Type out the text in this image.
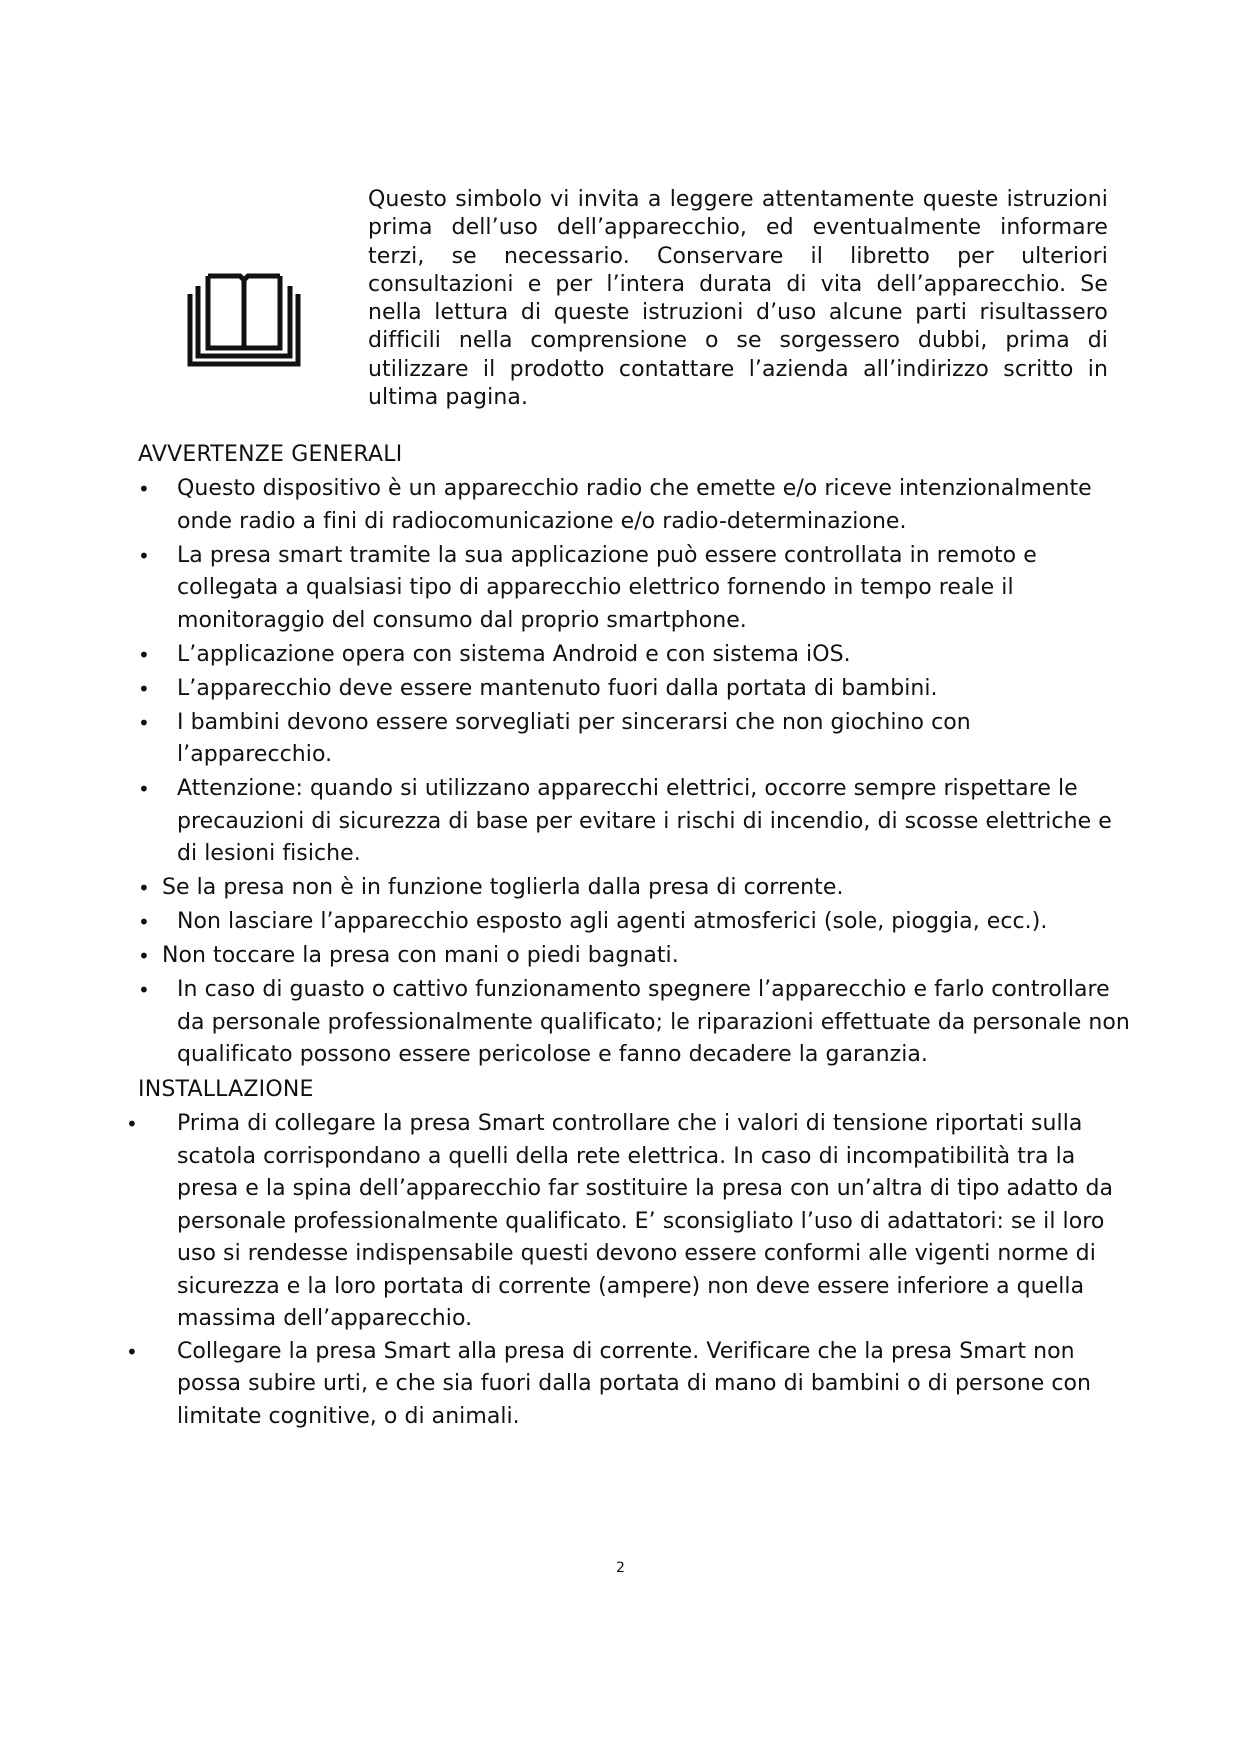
Questo simbolo vi invita a leggere attentamente queste istruzioni prima dell’uso dell’apparecchio, ed eventualmente informare terzi, se necessario. Conservare il libretto per ulteriori consultazioni e per l’intera durata di vita dell’apparecchio. Se nella lettura di queste istruzioni d’uso alcune parti risultassero difficili nella comprensione o se sorgessero dubbi, prima di utilizzare il prodotto contattare l’azienda all’indirizzo scritto in ultima pagina.
AVVERTENZE GENERALI
• Questo dispositivo è un apparecchio radio che emette e/o riceve intenzionalmente onde radio a fini di radiocomunicazione e/o radio-determinazione.
• La presa smart tramite la sua applicazione può essere controllata in remoto e collegata a qualsiasi tipo di apparecchio elettrico fornendo in tempo reale il monitoraggio del consumo dal proprio smartphone.
• L’applicazione opera con sistema Android e con sistema iOS.
• L’apparecchio deve essere mantenuto fuori dalla portata di bambini.
• I bambini devono essere sorvegliati per sincerarsi che non giochino con l’apparecchio.
• Attenzione: quando si utilizzano apparecchi elettrici, occorre sempre rispettare le precauzioni di sicurezza di base per evitare i rischi di incendio, di scosse elettriche e di lesioni fisiche.
• Se la presa non è in funzione toglierla dalla presa di corrente.
• Non lasciare l’apparecchio esposto agli agenti atmosferici (sole, pioggia, ecc.).
• Non toccare la presa con mani o piedi bagnati.
• In caso di guasto o cattivo funzionamento spegnere l’apparecchio e farlo controllare da personale professionalmente qualificato; le riparazioni effettuate da personale non qualificato possono essere pericolose e fanno decadere la garanzia.
INSTALLAZIONE
• Prima di collegare la presa Smart controllare che i valori di tensione riportati sulla scatola corrispondano a quelli della rete elettrica. In caso di incompatibilità tra la presa e la spina dell’apparecchio far sostituire la presa con un’altra di tipo adatto da personale professionalmente qualificato. E’ sconsigliato l’uso di adattatori: se il loro uso si rendesse indispensabile questi devono essere conformi alle vigenti norme di sicurezza e la loro portata di corrente (ampere) non deve essere inferiore a quella massima dell’apparecchio.
• Collegare la presa Smart alla presa di corrente. Verificare che la presa Smart non possa subire urti, e che sia fuori dalla portata di mano di bambini o di persone con limitate cognitive, o di animali.
2
